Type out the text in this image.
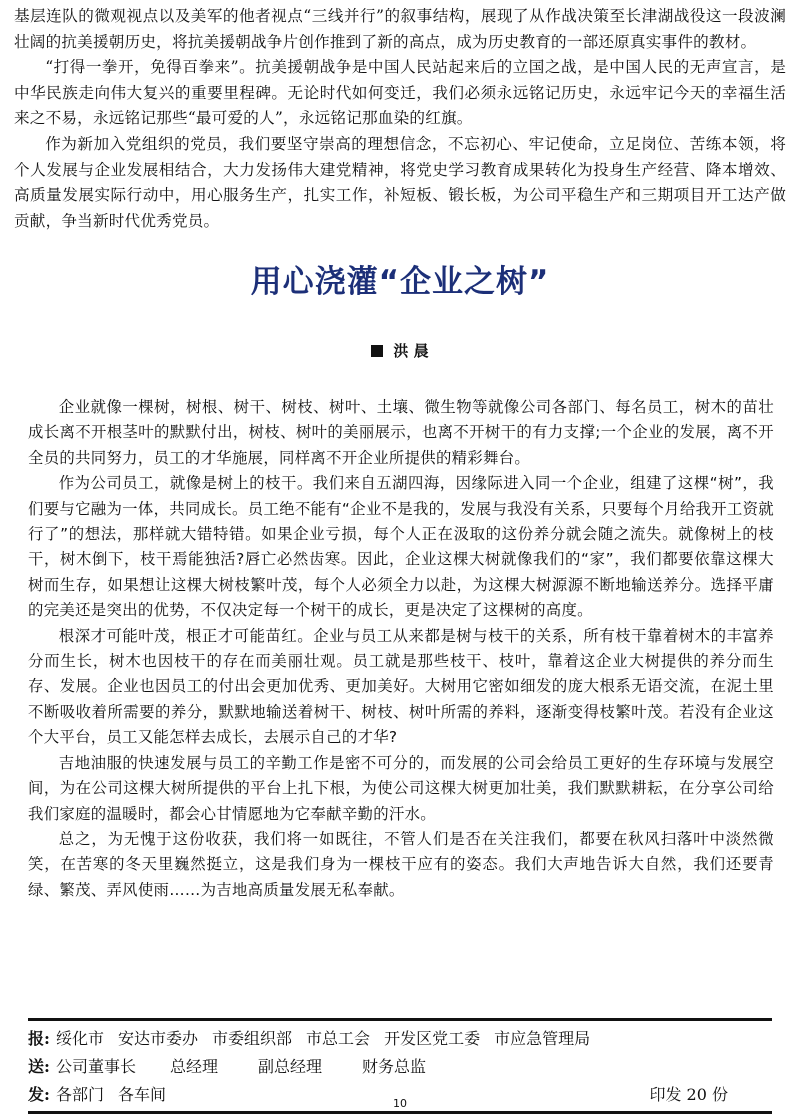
基层连队的微观视点以及美军的他者视点“三线并行”的叙事结构，展现了从作战决策至长津湖战役这一段波澜壮阔的抗美援朝历史，将抗美援朝战争片创作推到了新的高点，成为历史教育的一部还原真实事件的教材。

“打得一拳开，免得百拳来”。抗美援朝战争是中国人民站起来后的立国之战，是中国人民的无声宣言，是中华民族走向伟大复兴的重要里程碑。无论时代如何变迁，我们必须永远铭记历史，永远牢记今天的幸福生活来之不易，永远铭记那些“最可爱的人”，永远铭记那血染的红旗。

作为新加入党组织的党员，我们要坚守崇高的理想信念，不忘初心、牢记使命，立足岗位、苦练本领，将个人发展与企业发展相结合，大力发扬伟大建党精神，将党史学习教育成果转化为投身生产经营、降本增效、高质量发展实际行动中，用心服务生产，扎实工作，补短板、锻长板，为公司平稳生产和三期项目开工达产做贡献，争当新时代优秀党员。

用心浇灌“企业之树”
洪 晨

企业就像一棵树，树根、树干、树枝、树叶、土壤、微生物等就像公司各部门、每名员工，树木的苗壮成长离不开根茎叶的默默付出，树枝、树叶的美丽展示，也离不开树干的有力支撑;一个企业的发展，离不开全员的共同努力，员工的才华施展，同样离不开企业所提供的精彩舞台。

作为公司员工，就像是树上的枝干。我们来自五湖四海，因缘际进入同一个企业，组建了这棵“树”，我们要与它融为一体，共同成长。员工绝不能有“企业不是我的，发展与我没有关系，只要每个月给我开工资就行了”的想法，那样就大错特错。如果企业亏损，每个人正在汲取的这份养分就会随之流失。就像树上的枝干，树木倒下，枝干焉能独活?唇亡必然齿寒。因此，企业这棵大树就像我们的“家”，我们都要依靠这棵大树而生存，如果想让这棵大树枝繁叶茂，每个人必须全力以赴，为这棵大树源源不断地输送养分。选择平庸的完美还是突出的优势，不仅决定每一个树干的成长，更是决定了这棵树的高度。

根深才可能叶茂，根正才可能苗红。企业与员工从来都是树与枝干的关系，所有枝干靠着树木的丰富养分而生长，树木也因枝干的存在而美丽壮观。员工就是那些枝干、枝叶，靠着这企业大树提供的养分而生存、发展。企业也因员工的付出会更加优秀、更加美好。大树用它密如细发的庞大根系无语交流，在泥土里不断吸收着所需要的养分，默默地输送着树干、树枝、树叶所需的养料，逐渐变得枝繁叶茂。若没有企业这个大平台，员工又能怎样去成长，去展示自己的才华?

吉地油服的快速发展与员工的辛勤工作是密不可分的，而发展的公司会给员工更好的生存环境与发展空间，为在公司这棵大树所提供的平台上扎下根，为使公司这棵大树更加壮美，我们默默耕耘，在分享公司给我们家庭的温暖时，都会心甘情愿地为它奉献辛勤的汗水。

总之，为无愧于这份收获，我们将一如既往，不管人们是否在关注我们，都要在秋风扫落叶中淡然微笑，在苦寒的冬天里巍然挺立，这是我们身为一棵枝干应有的姿态。我们大声地告诉大自然，我们还要青绿、繁茂、弄风使雨……为吉地高质量发展无私奉献。

报: 绥化市 安达市委办 市委组织部 市总工会 开发区党工委 市应急管理局
送: 公司董事长 总经理	副总经理	财务总监
发: 各部门 各车间	印发 20 份
10
